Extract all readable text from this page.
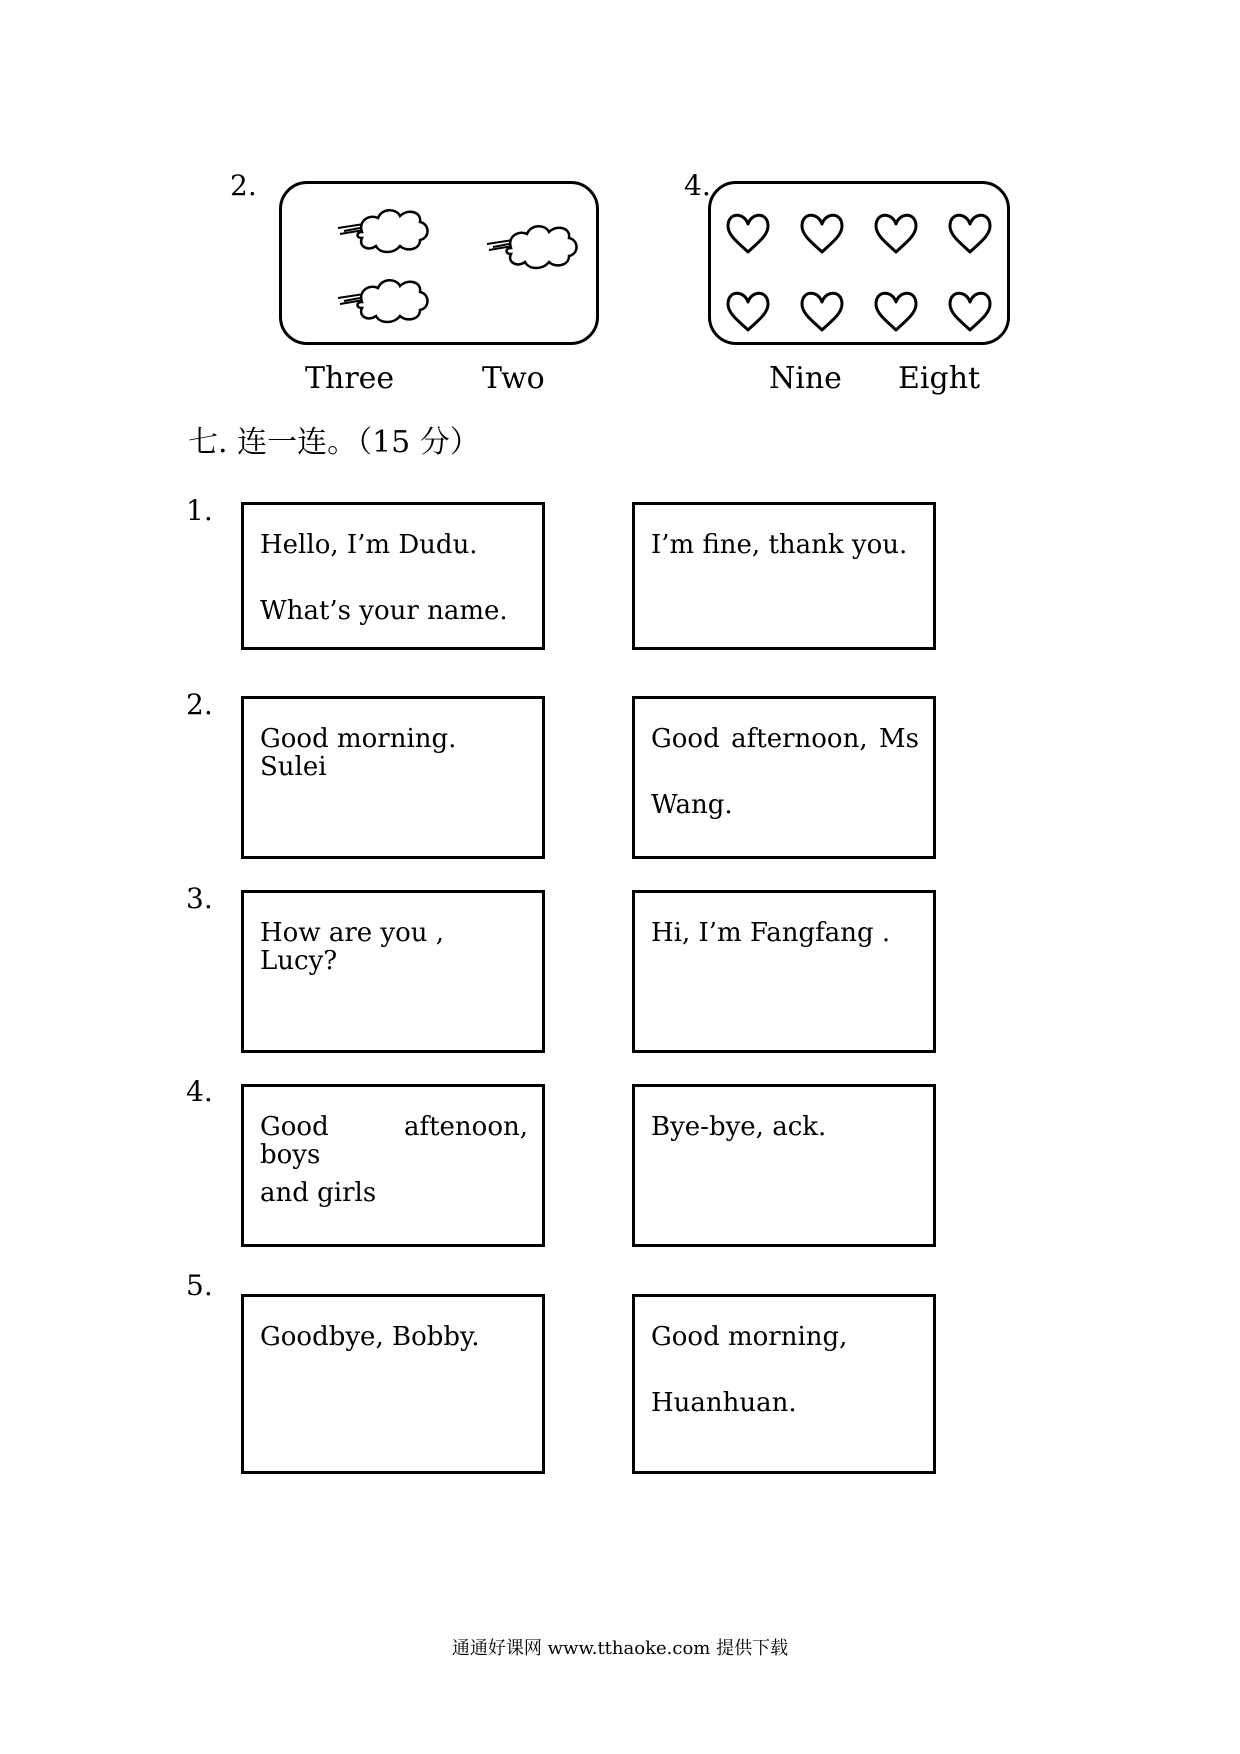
2.
Three	Two
4.
Nine Eight
七. 连一连。（15 分）
1.
Hello, I’m Dudu.
What’s your name.
I’m fine, thank you.
2.
Good morning. Sulei
Good afternoon, Ms
Wang.
3.
How are you , Lucy?
Hi, I’m Fangfang .
4.
Good aftenoon, boys
and girls
Bye-bye, ack.
5.
Goodbye, Bobby.	Good morning,
Huanhuan.
通通好课网 www.tthaoke.com 提供下载
